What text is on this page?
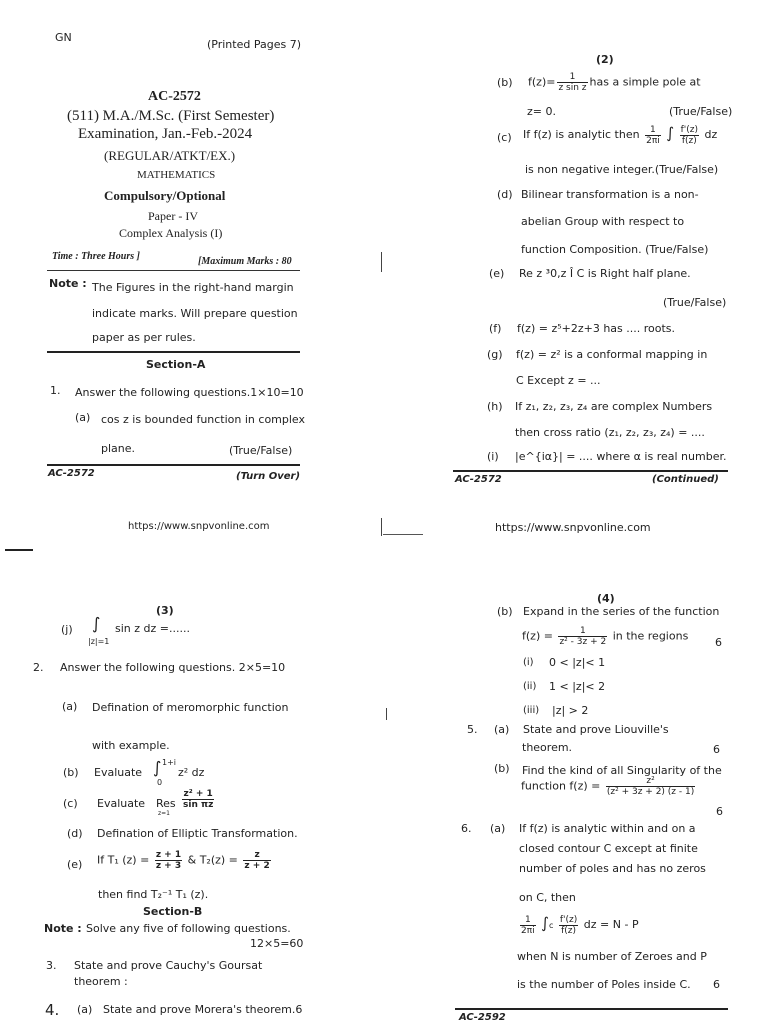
GN
(Printed Pages 7)
AC-2572
(511) M.A./M.Sc. (First Semester)
Examination, Jan.-Feb.-2024
(REGULAR/ATKT/EX.)
MATHEMATICS
Compulsory/Optional
Paper - IV
Complex Analysis (I)
Time : Three Hours ]	[Maximum Marks : 80
Note : The Figures in the right-hand margin
indicate marks. Will prepare question
paper as per rules.
Section-A
1. Answer the following questions.1×10=10
(a) cos z is bounded function in complex
plane.	(True/False)
AC-2572	(Turn Over)
https://www.snpvonline.com
(2)
(b) $f(z)= \frac{1}{\text{z sin z}}$ has a simple pole at
z= 0.	(True/False)
(c) If f(z) is analytic then $\frac{1}{2\pi i}$ ∫ $\frac{f'(z)}{f(z)}$ dz
is non negative integer.(True/False)
(d) Bilinear transformation is a non-
abelian Group with respect to
function Composition. (True/False)
(e) Re z ³0,z Î C is Right half plane.
(True/False)
(f) f(z) = z⁵+2z+3 has .... roots.
(g) f(z) = z² is a conformal mapping in
C Except z = ...
(h) If z₁, z₂, z₃, z₄ are complex Numbers
then cross ratio (z₁, z₂, z₃, z₄) = ....
(i) |e^{iα}| = .... where α is real number.
AC-2572	(Continued)
https://www.snpvonline.com
(3)
(j) ∫
|z|=1
sin z dz =......
2. Answer the following questions. 2×5=10
(a) Defination of meromorphic function
with example.
(b) Evaluate ∫ 1+i
0
z² dz
(c) Evaluate Res
z=1
$\frac{\text{z² + 1}}{\text{sin πz}}$
(d) Defination of Elliptic Transformation.
(e) If T₁ $(z) = \frac{z + 1}{z + 3}$ & $T_2(z) = \frac{z}{z + 2}$
then find T₂⁻¹ T₁ (z).
Section-B
Note : Solve any five of following questions.
12×5=60
3. State and prove Cauchy's Goursat
theorem :
4. (a) State and prove Morera's theorem.6
(4)
(b) Expand in the series of the function
$f(z) = \frac{1}{\text{z² - 3z + 2}}$ in the regions 6
(i) 0 < |z|< 1
(ii) 1 < |z|< 2
(iii) |z| > 2
5. (a) State and prove Liouville's
theorem.	6
(b) Find the kind of all Singularity of the
function $f(z) = \frac{\text{z²}}{\text{(z² + 3z + 2) (z - 1)}}$
6
6. (a) If f(z) is analytic within and on a
closed contour C except at finite
number of poles and has no zeros
on C, then
$\frac{1}{2\pi i} \int c \frac{f'(z)}{f(z)}$ dz = N - P
when N is number of Zeroes and P
is the number of Poles inside C. 6
AC-2592
